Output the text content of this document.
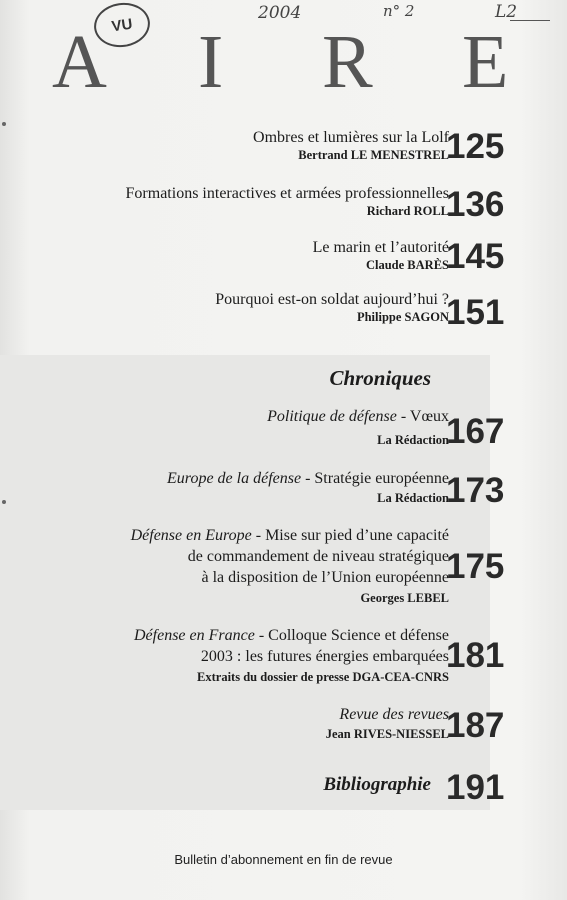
VU
2004	n° 2	L2
A I R E
Ombres et lumières sur la Lolf
Bertrand LE MENESTREL
125
Formations interactives et armées professionnelles
Richard ROLL
136
Le marin et l’autorité
Claude BARÈS
145
Pourquoi est-on soldat aujourd’hui ?
Philippe SAGON
151
Chroniques
Politique de défense - Vœux
La Rédaction
167
Europe de la défense - Stratégie européenne
La Rédaction
173
Défense en Europe - Mise sur pied d’une capacité
de commandement de niveau stratégique
à la disposition de l’Union européenne
Georges LEBEL
175
Défense en France - Colloque Science et défense
2003 : les futures énergies embarquées
Extraits du dossier de presse DGA-CEA-CNRS
181
Revue des revues
Jean RIVES-NIESSEL
187
Bibliographie 191
Bulletin d’abonnement en fin de revue
